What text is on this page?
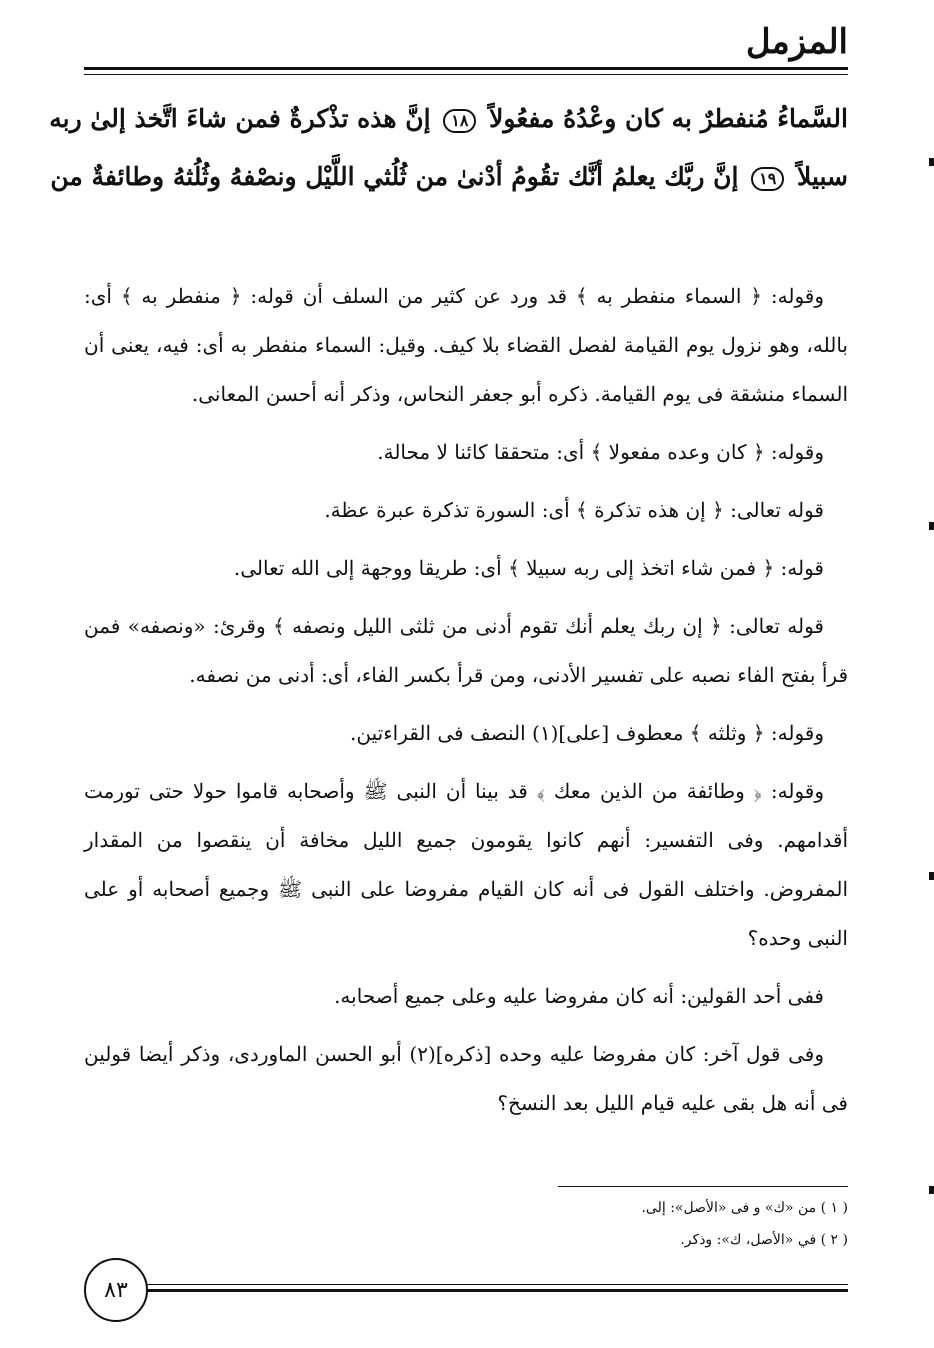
المزمل

السَّماءُ مُنفطرٌ به كان وعْدُهُ مفعُولاً ١٨ إنَّ هذه تذْكرةٌ فمن شاءَ اتَّخذ إلىٰ ربه

سبيلاً ١٩ إنَّ ربَّك يعلمُ أنَّك تقُومُ أدْنىٰ من ثُلُثي اللَّيْل ونصْفهُ وثُلُثهُ وطائفةٌ من

وقوله: ﴿ السماء منفطر به ﴾ قد ورد عن كثير من السلف أن قوله: ﴿ منفطر به ﴾ أى: بالله، وهو نزول يوم القيامة لفصل القضاء بلا كيف. وقيل: السماء منفطر به أى: فيه، يعنى أن السماء منشقة فى يوم القيامة. ذكره أبو جعفر النحاس، وذكر أنه أحسن المعانى.

وقوله: ﴿ كان وعده مفعولا ﴾ أى: متحققا كائنا لا محالة.

قوله تعالى: ﴿ إن هذه تذكرة ﴾ أى: السورة تذكرة عبرة عظة.

قوله: ﴿ فمن شاء اتخذ إلى ربه سبيلا ﴾ أى: طريقا ووجهة إلى الله تعالى.

قوله تعالى: ﴿ إن ربك يعلم أنك تقوم أدنى من ثلثى الليل ونصفه ﴾ وقرئ: «ونصفه» فمن قرأ بفتح الفاء نصبه على تفسير الأدنى، ومن قرأ بكسر الفاء، أى: أدنى من نصفه.

وقوله: ﴿ وثلثه ﴾ معطوف [على](١) النصف فى القراءتين.

وقوله: ﴿ وطائفة من الذين معك ﴾ قد بينا أن النبى ﷺ وأصحابه قاموا حولا حتى تورمت أقدامهم. وفى التفسير: أنهم كانوا يقومون جميع الليل مخافة أن ينقصوا من المقدار المفروض. واختلف القول فى أنه كان القيام مفروضا على النبى ﷺ وجميع أصحابه أو على النبى وحده؟

ففى أحد القولين: أنه كان مفروضا عليه وعلى جميع أصحابه.

وفى قول آخر: كان مفروضا عليه وحده [ذكره](٢) أبو الحسن الماوردى، وذكر أيضا قولين فى أنه هل بقى عليه قيام الليل بعد النسخ؟

( ١ ) من «ك» و فى «الأصل»: إلى.

( ٢ ) في «الأصل، ك»: وذكر.

٨٣
